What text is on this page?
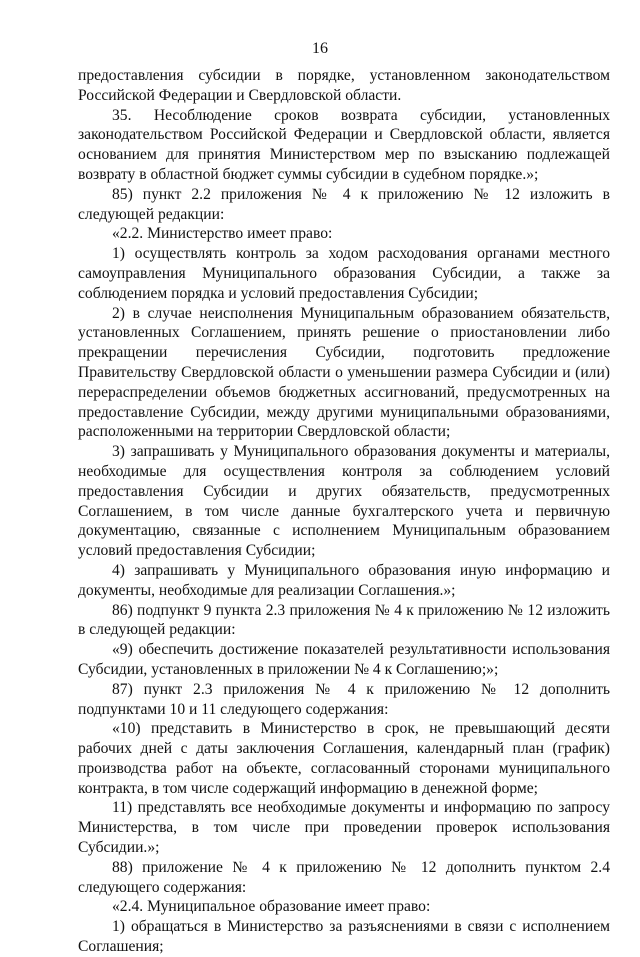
16

предоставления субсидии в порядке, установленном законодательством Российской Федерации и Свердловской области.

35. Несоблюдение сроков возврата субсидии, установленных законодательством Российской Федерации и Свердловской области, является основанием для принятия Министерством мер по взысканию подлежащей возврату в областной бюджет суммы субсидии в судебном порядке.»;

85) пункт 2.2 приложения № 4 к приложению № 12 изложить в следующей редакции:

«2.2. Министерство имеет право:

1) осуществлять контроль за ходом расходования органами местного самоуправления Муниципального образования Субсидии, а также за соблюдением порядка и условий предоставления Субсидии;

2) в случае неисполнения Муниципальным образованием обязательств, установленных Соглашением, принять решение о приостановлении либо прекращении перечисления Субсидии, подготовить предложение Правительству Свердловской области о уменьшении размера Субсидии и (или) перераспределении объемов бюджетных ассигнований, предусмотренных на предоставление Субсидии, между другими муниципальными образованиями, расположенными на территории Свердловской области;

3) запрашивать у Муниципального образования документы и материалы, необходимые для осуществления контроля за соблюдением условий предоставления Субсидии и других обязательств, предусмотренных Соглашением, в том числе данные бухгалтерского учета и первичную документацию, связанные с исполнением Муниципальным образованием условий предоставления Субсидии;

4) запрашивать у Муниципального образования иную информацию и документы, необходимые для реализации Соглашения.»;

86) подпункт 9 пункта 2.3 приложения № 4 к приложению № 12 изложить в следующей редакции:

«9) обеспечить достижение показателей результативности использования Субсидии, установленных в приложении № 4 к Соглашению;»;

87) пункт 2.3 приложения № 4 к приложению № 12 дополнить подпунктами 10 и 11 следующего содержания:

«10) представить в Министерство в срок, не превышающий десяти рабочих дней с даты заключения Соглашения, календарный план (график) производства работ на объекте, согласованный сторонами муниципального контракта, в том числе содержащий информацию в денежной форме;

11) представлять все необходимые документы и информацию по запросу Министерства, в том числе при проведении проверок использования Субсидии.»;

88) приложение № 4 к приложению № 12 дополнить пунктом 2.4 следующего содержания:

«2.4. Муниципальное образование имеет право:

1) обращаться в Министерство за разъяснениями в связи с исполнением Соглашения;
